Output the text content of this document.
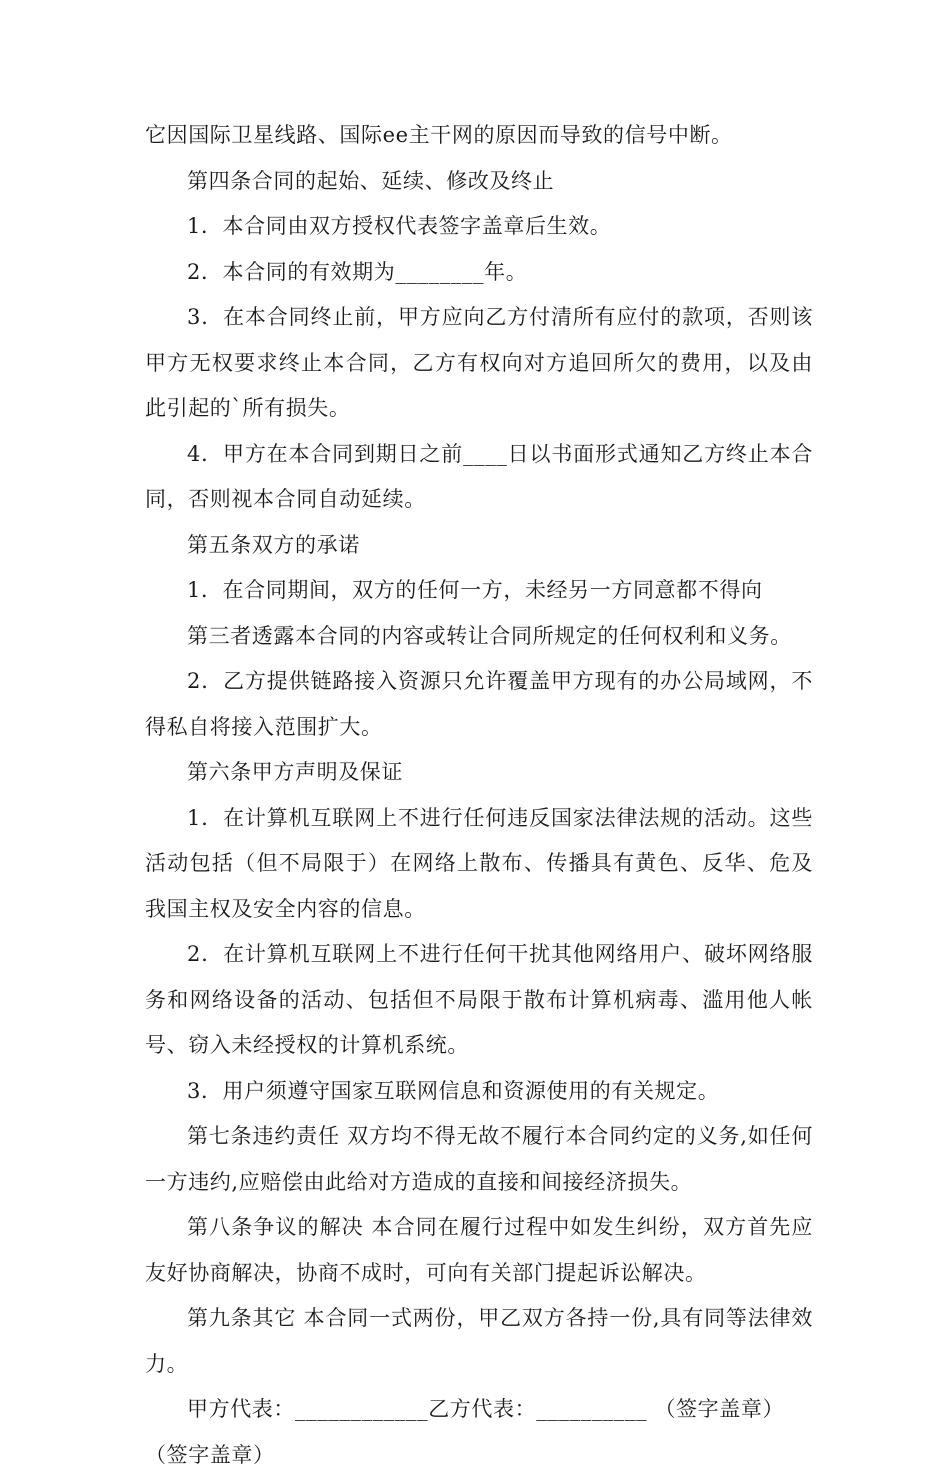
它因国际卫星线路、国际ee主干网的原因而导致的信号中断。

第四条合同的起始、延续、修改及终止

1．本合同由双方授权代表签字盖章后生效。

2．本合同的有效期为________年。

3．在本合同终止前，甲方应向乙方付清所有应付的款项，否则该甲方无权要求终止本合同，乙方有权向对方追回所欠的费用，以及由此引起的`所有损失。

4．甲方在本合同到期日之前____日以书面形式通知乙方终止本合同，否则视本合同自动延续。

第五条双方的承诺

1．在合同期间，双方的任何一方，未经另一方同意都不得向

第三者透露本合同的内容或转让合同所规定的任何权利和义务。

2．乙方提供链路接入资源只允许覆盖甲方现有的办公局域网，不得私自将接入范围扩大。

第六条甲方声明及保证

1．在计算机互联网上不进行任何违反国家法律法规的活动。这些活动包括（但不局限于）在网络上散布、传播具有黄色、反华、危及我国主权及安全内容的信息。

2．在计算机互联网上不进行任何干扰其他网络用户、破坏网络服务和网络设备的活动、包括但不局限于散布计算机病毒、滥用他人帐号、窃入未经授权的计算机系统。

3．用户须遵守国家互联网信息和资源使用的有关规定。

第七条违约责任 双方均不得无故不履行本合同约定的义务,如任何一方违约,应赔偿由此给对方造成的直接和间接经济损失。

第八条争议的解决 本合同在履行过程中如发生纠纷，双方首先应友好协商解决，协商不成时，可向有关部门提起诉讼解决。

第九条其它 本合同一式两份，甲乙双方各持一份,具有同等法律效力。

甲方代表：____________乙方代表：__________ （签字盖章）

（签字盖章）
